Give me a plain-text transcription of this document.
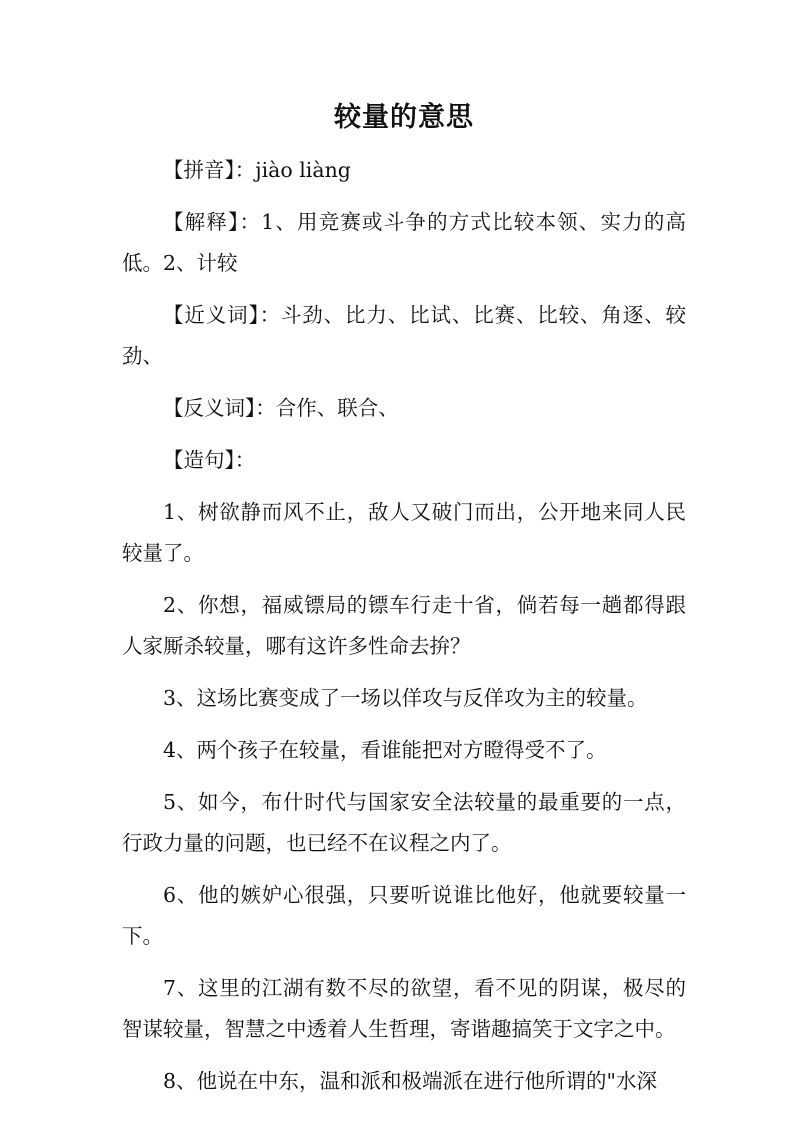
较量的意思

【拼音】：jiào liàng

【解释】：1、用竞赛或斗争的方式比较本领、实力的高低。2、计较

【近义词】：斗劲、比力、比试、比赛、比较、角逐、较劲、

【反义词】：合作、联合、

【造句】：

1、树欲静而风不止，敌人又破门而出，公开地来同人民较量了。

2、你想，福威镖局的镖车行走十省，倘若每一趟都得跟人家厮杀较量，哪有这许多性命去拚？

3、这场比赛变成了一场以佯攻与反佯攻为主的较量。

4、两个孩子在较量，看谁能把对方瞪得受不了。

5、如今，布什时代与国家安全法较量的最重要的一点，行政力量的问题，也已经不在议程之内了。

6、他的嫉妒心很强，只要听说谁比他好，他就要较量一下。

7、这里的江湖有数不尽的欲望，看不见的阴谋，极尽的智谋较量，智慧之中透着人生哲理，寄谐趣搞笑于文字之中。

8、他说在中东，温和派和极端派在进行他所谓的"水深
